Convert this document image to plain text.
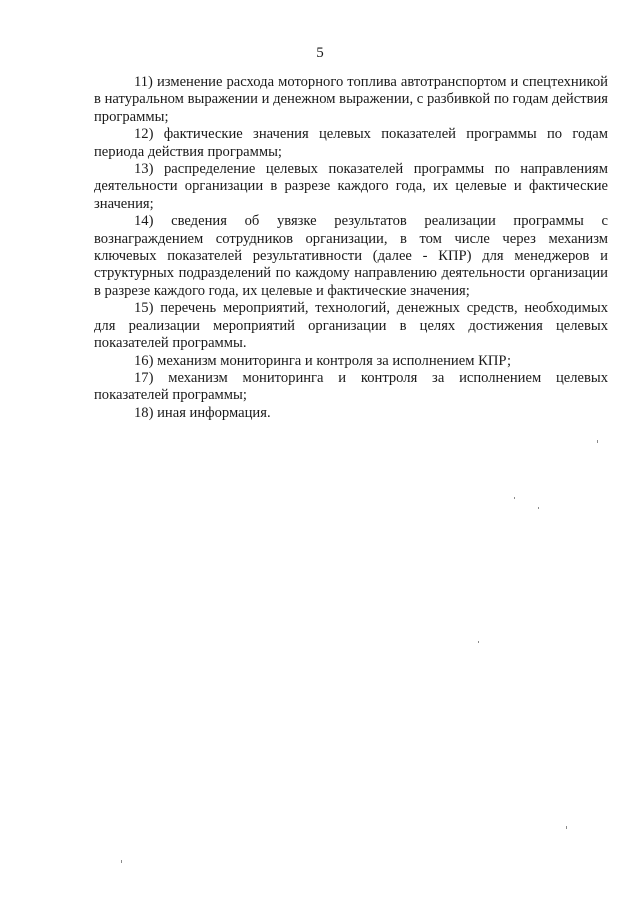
5

11) изменение расхода моторного топлива автотранспортом и спецтехникой в натуральном выражении и денежном выражении, с разбивкой по годам действия программы;

12) фактические значения целевых показателей программы по годам периода действия программы;

13) распределение целевых показателей программы по направлениям деятельности организации в разрезе каждого года, их целевые и фактические значения;

14) сведения об увязке результатов реализации программы с вознаграждением сотрудников организации, в том числе через механизм ключевых показателей результативности (далее - КПР) для менеджеров и структурных подразделений по каждому направлению деятельности организации в разрезе каждого года, их целевые и фактические значения;

15) перечень мероприятий, технологий, денежных средств, необходимых для реализации мероприятий организации в целях достижения целевых показателей программы.

16) механизм мониторинга и контроля за исполнением КПР;

17) механизм мониторинга и контроля за исполнением целевых показателей программы;

18) иная информация.
